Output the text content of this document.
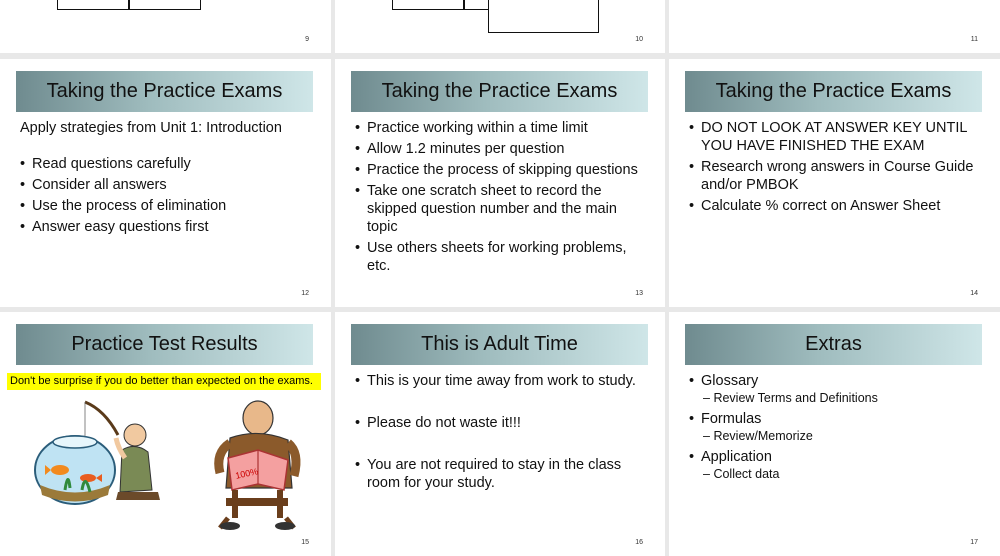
9	10	11
Taking the Practice Exams

Apply strategies from Unit 1: Introduction

• Read questions carefully
• Consider all answers
• Use the process of elimination
• Answer easy questions first
12
Taking the Practice Exams
• Practice working within a time limit
• Allow 1.2 minutes per question
• Practice the process of skipping questions
• Take one scratch sheet to record the skipped question number and the main topic
• Use others sheets for working problems, etc.
13
Taking the Practice Exams
• DO NOT LOOK AT ANSWER KEY UNTIL YOU HAVE FINISHED THE EXAM
• Research wrong answers in Course Guide and/or PMBOK
• Calculate % correct on Answer Sheet
14
Practice Test Results
Don't be surprise if you do better than expected on the exams.
100%
15
This is Adult Time
• This is your time away from work to study.
• Please do not waste it!!!
• You are not required to stay in the class room for your study.
16
Extras
• Glossary
– Review Terms and Definitions
• Formulas
– Review/Memorize
• Application
– Collect data
17
